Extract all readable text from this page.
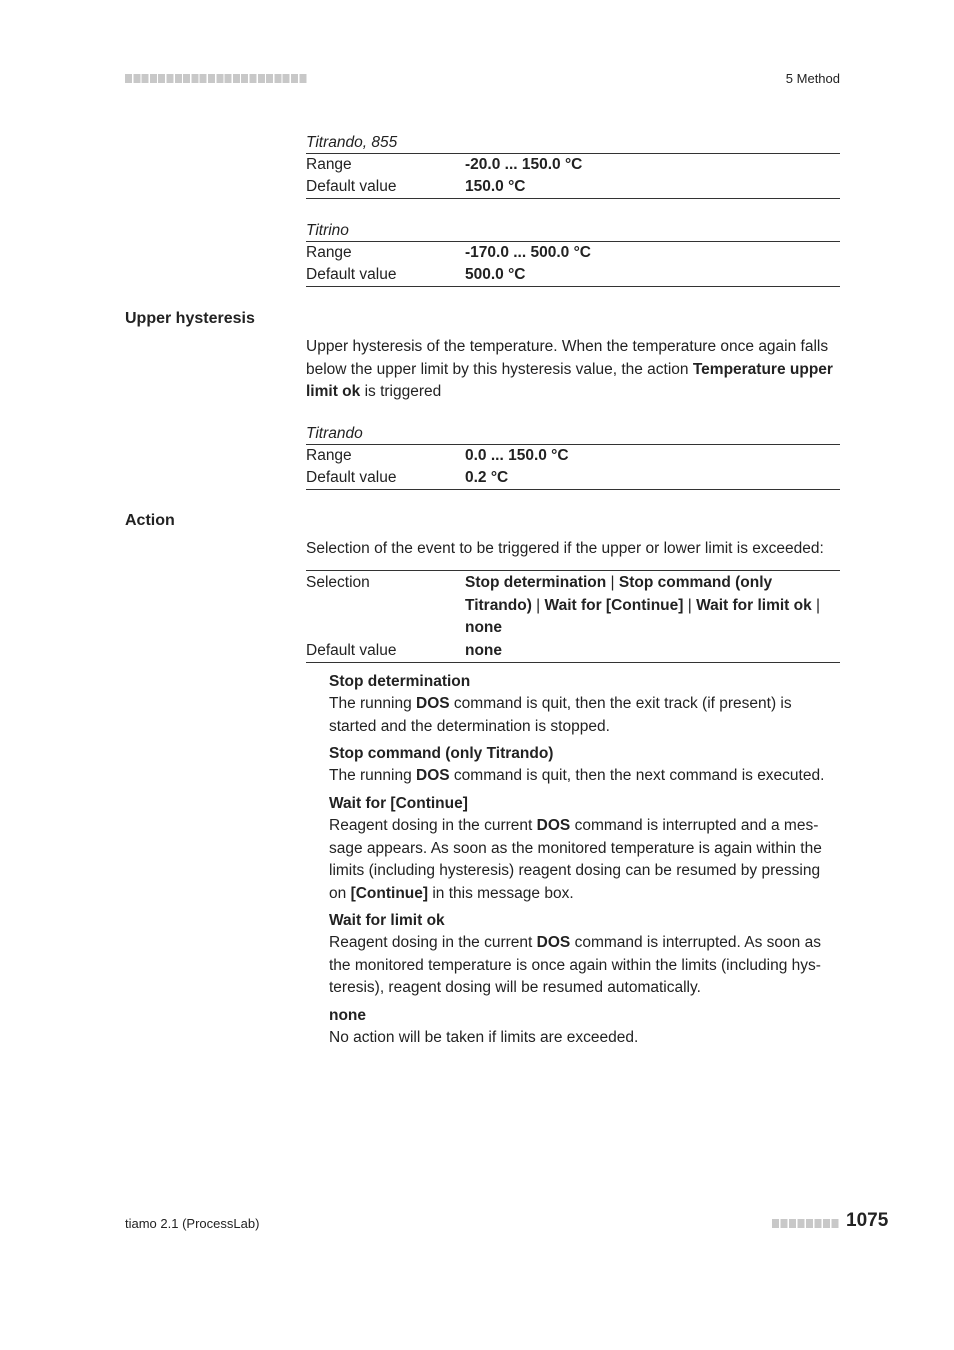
5 Method
Titrando, 855
Range	-20.0 ... 150.0 °C
Default value	150.0 °C
Titrino
Range	-170.0 ... 500.0 °C
Default value	500.0 °C
Upper hysteresis
Upper hysteresis of the temperature. When the temperature once again falls below the upper limit by this hysteresis value, the action Temperature upper limit ok is triggered
Titrando
Range	0.0 ... 150.0 °C
Default value	0.2 °C
Action
Selection of the event to be triggered if the upper or lower limit is exceeded:
Selection	Stop determination | Stop command (only Titrando) | Wait for [Continue] | Wait for limit ok | none
Default value	none
Stop determination
The running DOS command is quit, then the exit track (if present) is started and the determination is stopped.
Stop command (only Titrando)
The running DOS command is quit, then the next command is executed.
Wait for [Continue]
Reagent dosing in the current DOS command is interrupted and a message appears. As soon as the monitored temperature is again within the limits (including hysteresis) reagent dosing can be resumed by pressing on [Continue] in this message box.
Wait for limit ok
Reagent dosing in the current DOS command is interrupted. As soon as the monitored temperature is once again within the limits (including hysteresis), reagent dosing will be resumed automatically.
none
No action will be taken if limits are exceeded.
tiamo 2.1 (ProcessLab)	1075
